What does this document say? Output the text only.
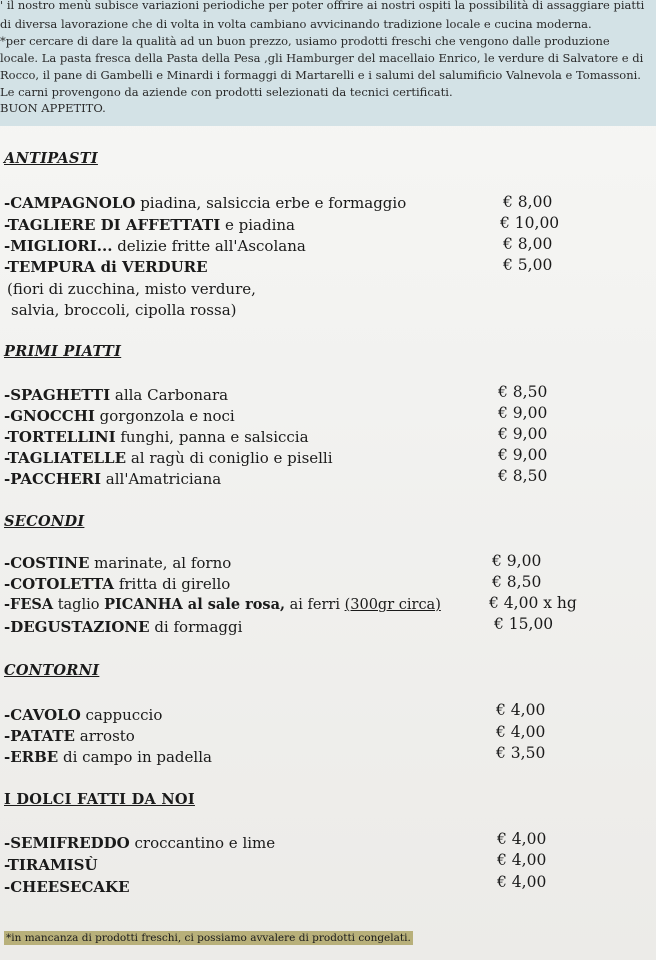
' il nostro menù subisce variazioni periodiche per poter offrire ai nostri ospiti la possibilità di assaggiare piatti

di diversa lavorazione che di volta in volta cambiano avvicinando tradizione locale e cucina moderna.

*per cercare di dare la qualità ad un buon prezzo, usiamo prodotti freschi che vengono dalle produzione

locale. La pasta fresca della Pasta della Pesa ,gli Hamburger del macellaio Enrico, le verdure di Salvatore e di

Rocco, il pane di Gambelli e Minardi i formaggi di Martarelli e i salumi del salumificio Valnevola e Tomassoni.

Le carni provengono da aziende con prodotti selezionati da tecnici certificati.

BUON APPETITO.

ANTIPASTI
-CAMPAGNOLO piadina, salsiccia erbe e formaggio	€ 8,00
-TAGLIERE DI AFFETTATI e piadina	€ 10,00
-MIGLIORI... delizie fritte all'Ascolana	€ 8,00
-TEMPURA di VERDURE	€ 5,00
(fiori di zucchina, misto verdure,
salvia, broccoli, cipolla rossa)
PRIMI PIATTI
-SPAGHETTI alla Carbonara	€ 8,50
-GNOCCHI gorgonzola e noci	€ 9,00
-TORTELLINI funghi, panna e salsiccia	€ 9,00
-TAGLIATELLE al ragù di coniglio e piselli	€ 9,00
-PACCHERI all'Amatriciana	€ 8,50
SECONDI
-COSTINE marinate, al forno	€ 9,00
-COTOLETTA fritta di girello	€ 8,50
-FESA taglio PICANHA al sale rosa, ai ferri (300gr circa)	€ 4,00 x hg
-DEGUSTAZIONE di formaggi	€ 15,00
CONTORNI
-CAVOLO cappuccio	€ 4,00
-PATATE arrosto	€ 4,00
-ERBE di campo in padella	€ 3,50
I DOLCI FATTI DA NOI
-SEMIFREDDO croccantino e lime	€ 4,00
-TIRAMISÙ	€ 4,00
-CHEESECAKE	€ 4,00
*in mancanza di prodotti freschi, ci possiamo avvalere di prodotti congelati.
